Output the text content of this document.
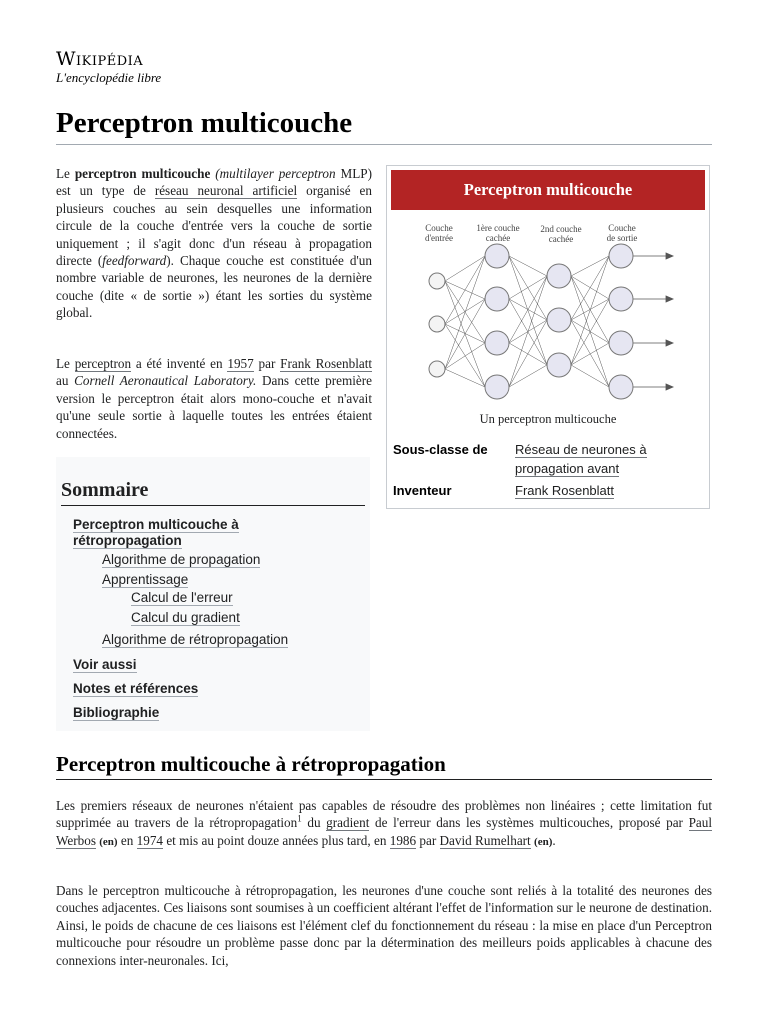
Wikipédia
L'encyclopédie libre
Perceptron multicouche

Le perceptron multicouche (multilayer perceptron MLP) est un type de réseau neuronal artificiel organisé en plusieurs couches au sein desquelles une information circule de la couche d'entrée vers la couche de sortie uniquement ; il s'agit donc d'un réseau à propagation directe (feedforward). Chaque couche est constituée d'un nombre variable de neurones, les neurones de la dernière couche (dite « de sortie ») étant les sorties du système global.

Le perceptron a été inventé en 1957 par Frank Rosenblatt au Cornell Aeronautical Laboratory. Dans cette première version le perceptron était alors mono-couche et n'avait qu'une seule sortie à laquelle toutes les entrées étaient connectées.

Perceptron multicouche
Couche
d'entrée
1ère couche
cachée
2nd couche
cachée
Couche
de sortie
Un perceptron multicouche
Sous-classe de	Réseau de neurones à propagation avant
Inventeur	Frank Rosenblatt
Sommaire
Perceptron multicouche à rétropropagation
Algorithme de propagation
Apprentissage
Calcul de l'erreur
Calcul du gradient
Algorithme de rétropropagation
Voir aussi
Notes et références
Bibliographie
Perceptron multicouche à rétropropagation

Les premiers réseaux de neurones n'étaient pas capables de résoudre des problèmes non linéaires ; cette limitation fut supprimée au travers de la rétropropagation$^1$ du gradient de l'erreur dans les systèmes multicouches, proposé par Paul Werbos (en) en 1974 et mis au point douze années plus tard, en 1986 par David Rumelhart (en).

Dans le perceptron multicouche à rétropropagation, les neurones d'une couche sont reliés à la totalité des neurones des couches adjacentes. Ces liaisons sont soumises à un coefficient altérant l'effet de l'information sur le neurone de destination. Ainsi, le poids de chacune de ces liaisons est l'élément clef du fonctionnement du réseau : la mise en place d'un Perceptron multicouche pour résoudre un problème passe donc par la détermination des meilleurs poids applicables à chacune des connexions inter-neuronales. Ici,
